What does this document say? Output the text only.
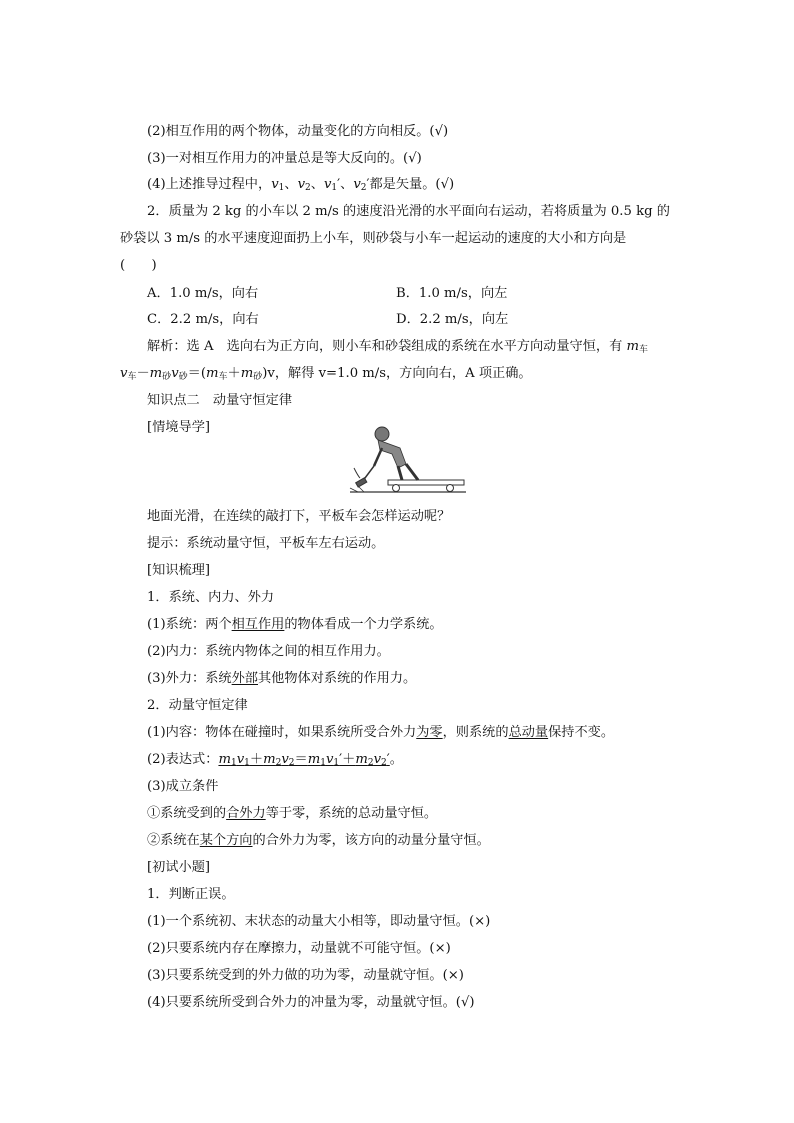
(2)相互作用的两个物体，动量变化的方向相反。(√)
(3)一对相互作用力的冲量总是等大反向的。(√)
(4)上述推导过程中，$v_1$、$v_2$、$v_1'$、$v_2'$都是矢量。(√)
2．质量为 2 kg 的小车以 2 m/s 的速度沿光滑的水平面向右运动，若将质量为 0.5 kg 的
砂袋以 3 m/s 的水平速度迎面扔上小车，则砂袋与小车一起运动的速度的大小和方向是
(　　)
A．1.0 m/s，向右	B．1.0 m/s，向左
C．2.2 m/s，向右	D．2.2 m/s，向左
解析：选 A　选向右为正方向，则小车和砂袋组成的系统在水平方向动量守恒，有 $m_车$
$v_车-m_砂v_砂=(m_车+m_砂)v$，解得 v=1.0 m/s，方向向右，A 项正确。
知识点二　动量守恒定律
[情境导学]
地面光滑，在连续的敲打下，平板车会怎样运动呢？
提示：系统动量守恒，平板车左右运动。
[知识梳理]
1．系统、内力、外力
(1)系统：两个相互作用的物体看成一个力学系统。
(2)内力：系统内物体之间的相互作用力。
(3)外力：系统外部其他物体对系统的作用力。
2．动量守恒定律
(1)内容：物体在碰撞时，如果系统所受合外力为零，则系统的总动量保持不变。
(2)表达式：$m_1v_1+m_2v_2=m_1v_1'+m_2v_2'$。
(3)成立条件
①系统受到的合外力等于零，系统的总动量守恒。
②系统在某个方向的合外力为零，该方向的动量分量守恒。
[初试小题]
1．判断正误。
(1)一个系统初、末状态的动量大小相等，即动量守恒。(×)
(2)只要系统内存在摩擦力，动量就不可能守恒。(×)
(3)只要系统受到的外力做的功为零，动量就守恒。(×)
(4)只要系统所受到合外力的冲量为零，动量就守恒。(√)
